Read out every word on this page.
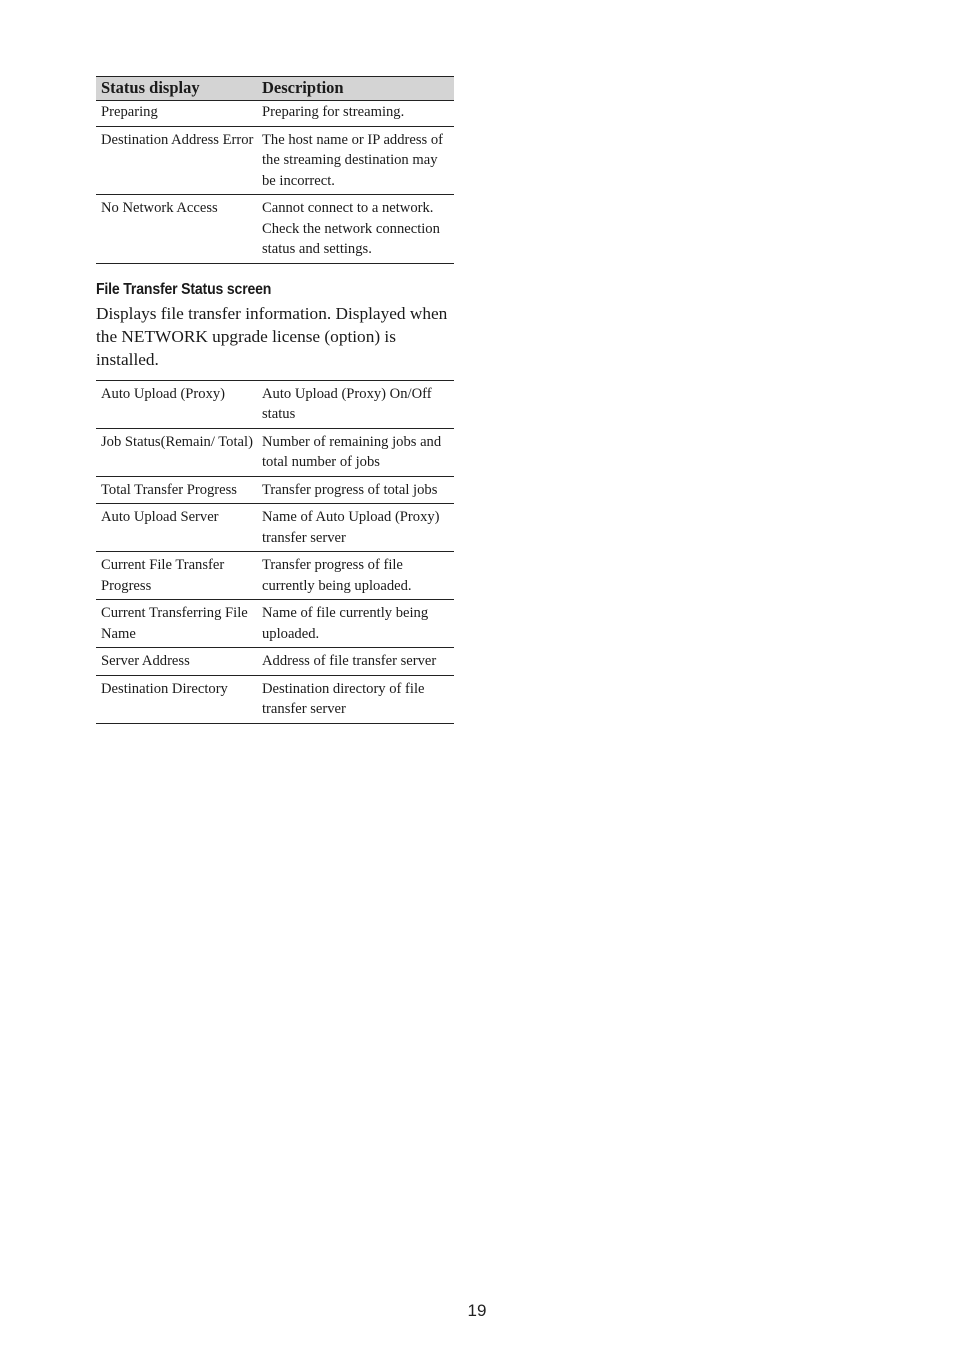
Status display	Description
Preparing	Preparing for streaming.
Destination Address Error	The host name or IP address of the streaming destination may be incorrect.
No Network Access	Cannot connect to a network. Check the network connection status and settings.
File Transfer Status screen
Displays file transfer information. Displayed when the NETWORK upgrade license (option) is installed.
Auto Upload (Proxy)	Auto Upload (Proxy) On/Off status
Job Status(Remain/ Total)	Number of remaining jobs and total number of jobs
Total Transfer Progress	Transfer progress of total jobs
Auto Upload Server	Name of Auto Upload (Proxy) transfer server
Current File Transfer Progress	Transfer progress of file currently being uploaded.
Current Transferring File Name	Name of file currently being uploaded.
Server Address	Address of file transfer server
Destination Directory	Destination directory of file transfer server
19
